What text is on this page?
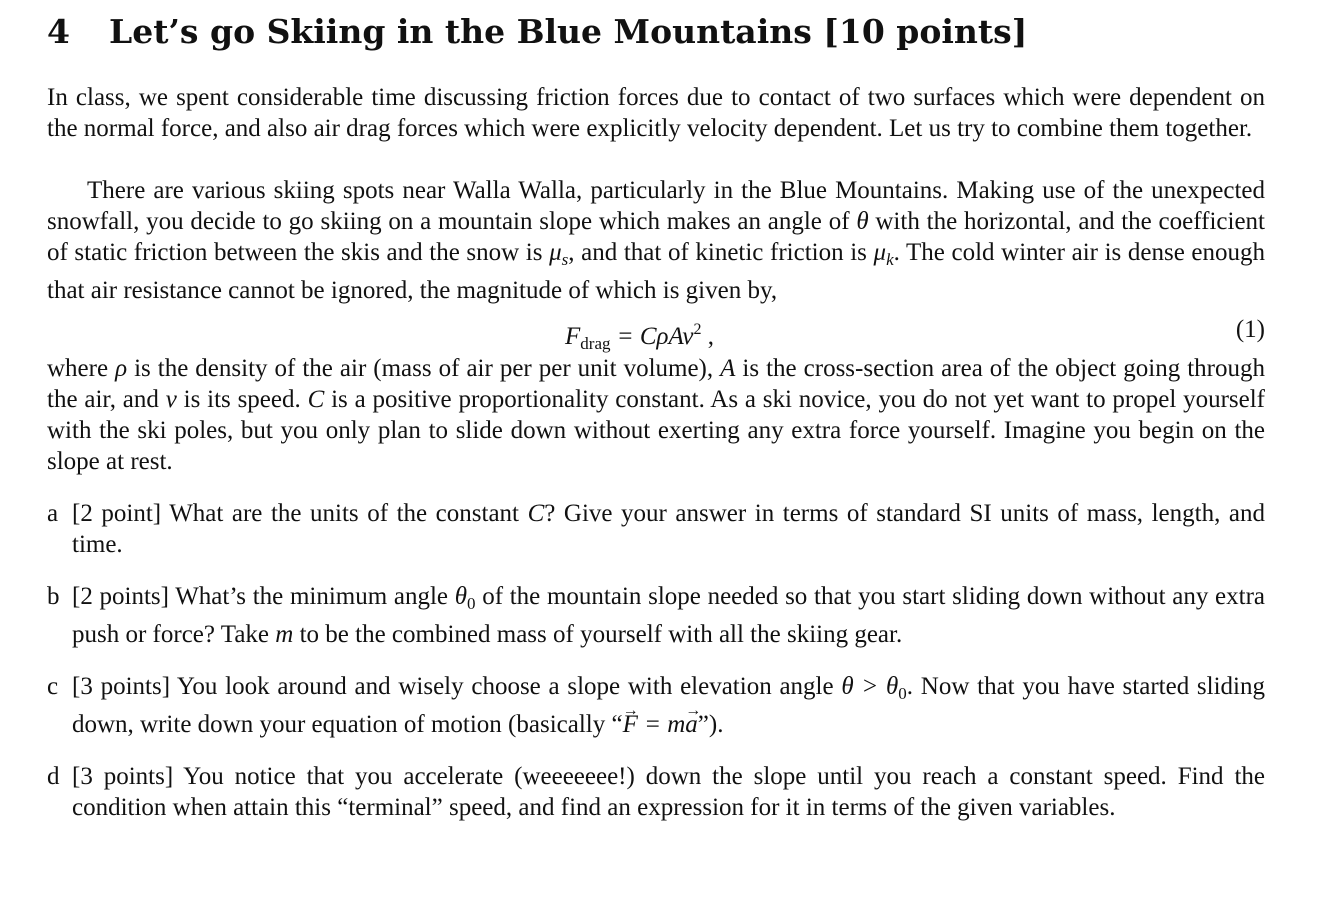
4 Let’s go Skiing in the Blue Mountains [10 points]

In class, we spent considerable time discussing friction forces due to contact of two surfaces which were dependent on the normal force, and also air drag forces which were explicitly velocity dependent. Let us try to combine them together.

There are various skiing spots near Walla Walla, particularly in the Blue Mountains. Making use of the unexpected snowfall, you decide to go skiing on a mountain slope which makes an angle of θ with the horizontal, and the coefficient of static friction between the skis and the snow is $\mu_s$, and that of kinetic friction is $\mu_k$. The cold winter air is dense enough that air resistance cannot be ignored, the magnitude of which is given by,

$F_{drag} = C\rho Av^2$ ,	(1)

where ρ is the density of the air (mass of air per per unit volume), A is the cross-section area of the object going through the air, and v is its speed. C is a positive proportionality constant. As a ski novice, you do not yet want to propel yourself with the ski poles, but you only plan to slide down without exerting any extra force yourself. Imagine you begin on the slope at rest.

a [2 point] What are the units of the constant C? Give your answer in terms of standard SI units of mass, length, and time.

b [2 points] What’s the minimum angle $\theta_0$ of the mountain slope needed so that you start sliding down without any extra push or force? Take m to be the combined mass of yourself with all the skiing gear.

c [3 points] You look around and wisely choose a slope with elevation angle $\theta > \theta_0$. Now that you have started sliding down, write down your equation of motion (basically “→ F = m→ a”).

d [3 points] You notice that you accelerate (weeeeeee!) down the slope until you reach a constant speed. Find the condition when attain this “terminal” speed, and find an expression for it in terms of the given variables.
